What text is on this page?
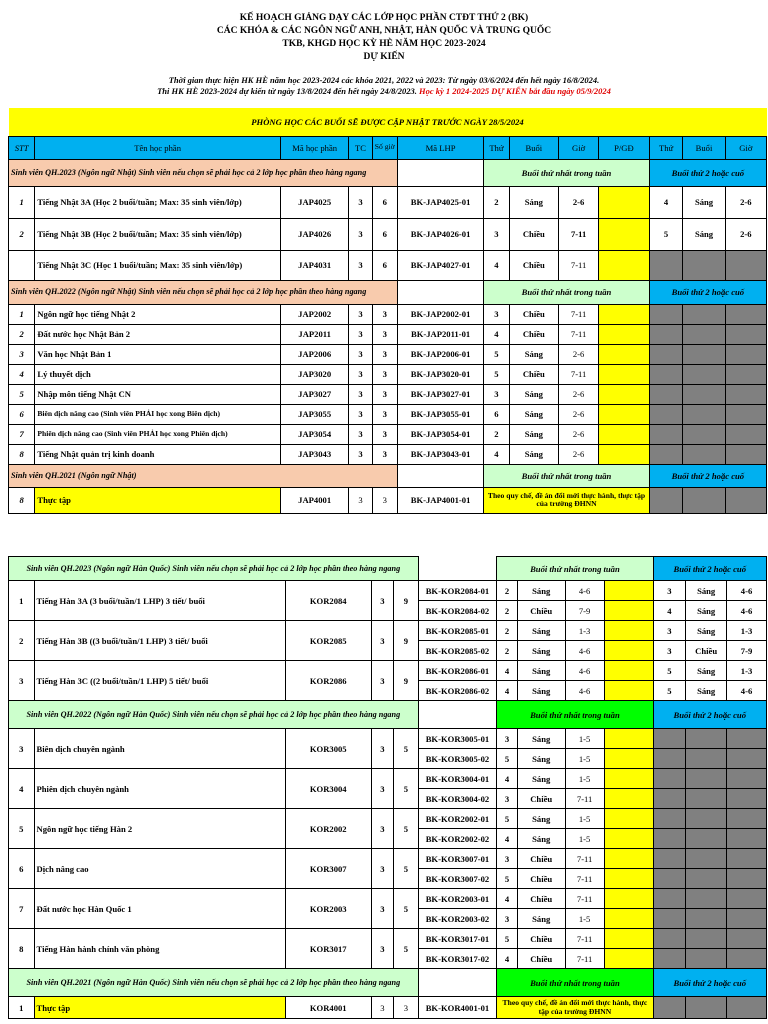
KẾ HOẠCH GIẢNG DẠY CÁC LỚP HỌC PHẦN CTĐT THỨ 2 (BK)
CÁC KHÓA & CÁC NGÔN NGỮ ANH, NHẬT, HÀN QUỐC VÀ TRUNG QUỐC
TKB, KHGD HỌC KỲ HÈ NĂM HỌC 2023-2024
DỰ KIẾN
Thời gian thực hiện HK HÈ năm học 2023-2024 các khóa 2021, 2022 và 2023: Từ ngày 03/6/2024 đến hết ngày 16/8/2024.
Thi HK HÈ 2023-2024 dự kiến từ ngày 13/8/2024 đến hết ngày 24/8/2023. Học kỳ 1 2024-2025 DỰ KIẾN bắt đầu ngày 05/9/2024
PHÒNG HỌC CÁC BUỔI SẼ ĐƯỢC CẬP NHẬT TRƯỚC NGÀY 28/5/2024												
STT	Tên học phần	Mã học phần	TC	Số giờ	Mã LHP	Thứ	Buổi	Giờ	P/GĐ	Thứ	Buổi	Giờ
Sinh viên QH.2023 (Ngôn ngữ Nhật) Sinh viên nếu chọn sẽ phải học cả 2 lớp học phần theo hàng ngang						Buổi thứ nhất trong tuần				Buổi thứ 2 hoặc cuố		
1	Tiếng Nhật 3A (Học 2 buổi/tuần; Max: 35 sinh viên/lớp)	JAP4025	3	6	BK-JAP4025-01	2	Sáng	2-6		4	Sáng	2-6
2	Tiếng Nhật 3B (Học 2 buổi/tuần; Max: 35 sinh viên/lớp)	JAP4026	3	6	BK-JAP4026-01	3	Chiều	7-11		5	Sáng	2-6
	Tiếng Nhật 3C (Học 1 buổi/tuần; Max: 35 sinh viên/lớp)	JAP4031	3	6	BK-JAP4027-01	4	Chiều	7-11				
Sinh viên QH.2022 (Ngôn ngữ Nhật) Sinh viên nếu chọn sẽ phải học cả 2 lớp học phần theo hàng ngang						Buổi thứ nhất trong tuần				Buổi thứ 2 hoặc cuố		
1	Ngôn ngữ học tiếng Nhật 2	JAP2002	3	3	BK-JAP2002-01	3	Chiều	7-11				
2	Đất nước học Nhật Bản 2	JAP2011	3	3	BK-JAP2011-01	4	Chiều	7-11				
3	Văn học Nhật Bản 1	JAP2006	3	3	BK-JAP2006-01	5	Sáng	2-6				
4	Lý thuyết dịch	JAP3020	3	3	BK-JAP3020-01	5	Chiều	7-11				
5	Nhập môn tiếng Nhật CN	JAP3027	3	3	BK-JAP3027-01	3	Sáng	2-6				
6	Biên dịch nâng cao (Sinh viên PHẢI học xong Biên dịch)	JAP3055	3	3	BK-JAP3055-01	6	Sáng	2-6				
7	Phiên dịch nâng cao (Sinh viên PHẢI học xong Phiên dịch)	JAP3054	3	3	BK-JAP3054-01	2	Sáng	2-6				
8	Tiếng Nhật quản trị kinh doanh	JAP3043	3	3	BK-JAP3043-01	4	Sáng	2-6				
Sinh viên QH.2021 (Ngôn ngữ Nhật)						Buổi thứ nhất trong tuần				Buổi thứ 2 hoặc cuố		
8	Thực tập	JAP4001	3	3	BK-JAP4001-01	Theo quy chế, đề án đổi mới thực hành, thực tập của trường ĐHNN						
Sinh viên QH.2023 (Ngôn ngữ Hàn Quốc) Sinh viên nếu chọn sẽ phải học cả 2 lớp học phần theo hàng ngang						Buổi thứ nhất trong tuần				Buổi thứ 2 hoặc cuố		
1	Tiếng Hàn 3A (3 buổi/tuần/1 LHP) 3 tiết/ buổi	KOR2084	3	9	BK-KOR2084-01	2	Sáng	4-6		3	Sáng	4-6
					BK-KOR2084-02	2	Chiều	7-9		4	Sáng	4-6
2	Tiếng Hàn 3B ((3 buổi/tuần/1 LHP) 3 tiết/ buổi	KOR2085	3	9	BK-KOR2085-01	2	Sáng	1-3		3	Sáng	1-3
					BK-KOR2085-02	2	Sáng	4-6		3	Chiều	7-9
3	Tiếng Hàn 3C ((2 buổi/tuần/1 LHP) 5 tiết/ buổi	KOR2086	3	9	BK-KOR2086-01	4	Sáng	4-6		5	Sáng	1-3
					BK-KOR2086-02	4	Sáng	4-6		5	Sáng	4-6
Sinh viên QH.2022 (Ngôn ngữ Hàn Quốc) Sinh viên nếu chọn sẽ phải học cả 2 lớp học phần theo hàng ngang						Buổi thứ nhất trong tuần				Buổi thứ 2 hoặc cuố		
3	Biên dịch chuyên ngành	KOR3005	3	5	BK-KOR3005-01	3	Sáng	1-5				
					BK-KOR3005-02	5	Sáng	1-5				
4	Phiên dịch chuyên ngành	KOR3004	3	5	BK-KOR3004-01	4	Sáng	1-5				
					BK-KOR3004-02	3	Chiều	7-11				
5	Ngôn ngữ học tiếng Hàn 2	KOR2002	3	5	BK-KOR2002-01	5	Sáng	1-5				
					BK-KOR2002-02	4	Sáng	1-5				
6	Dịch nâng cao	KOR3007	3	5	BK-KOR3007-01	3	Chiều	7-11				
					BK-KOR3007-02	5	Chiều	7-11				
7	Đất nước học Hàn Quốc 1	KOR2003	3	5	BK-KOR2003-01	4	Chiều	7-11				
					BK-KOR2003-02	3	Sáng	1-5				
8	Tiếng Hàn hành chính văn phòng	KOR3017	3	5	BK-KOR3017-01	5	Chiều	7-11				
					BK-KOR3017-02	4	Chiều	7-11				
Sinh viên QH.2021 (Ngôn ngữ Hàn Quốc) Sinh viên nếu chọn sẽ phải học cả 2 lớp học phần theo hàng ngang						Buổi thứ nhất trong tuần				Buổi thứ 2 hoặc cuố		
1	Thực tập	KOR4001	3	3	BK-KOR4001-01	Theo quy chế, đề án đổi mới thực hành, thực tập của trường ĐHNN						
